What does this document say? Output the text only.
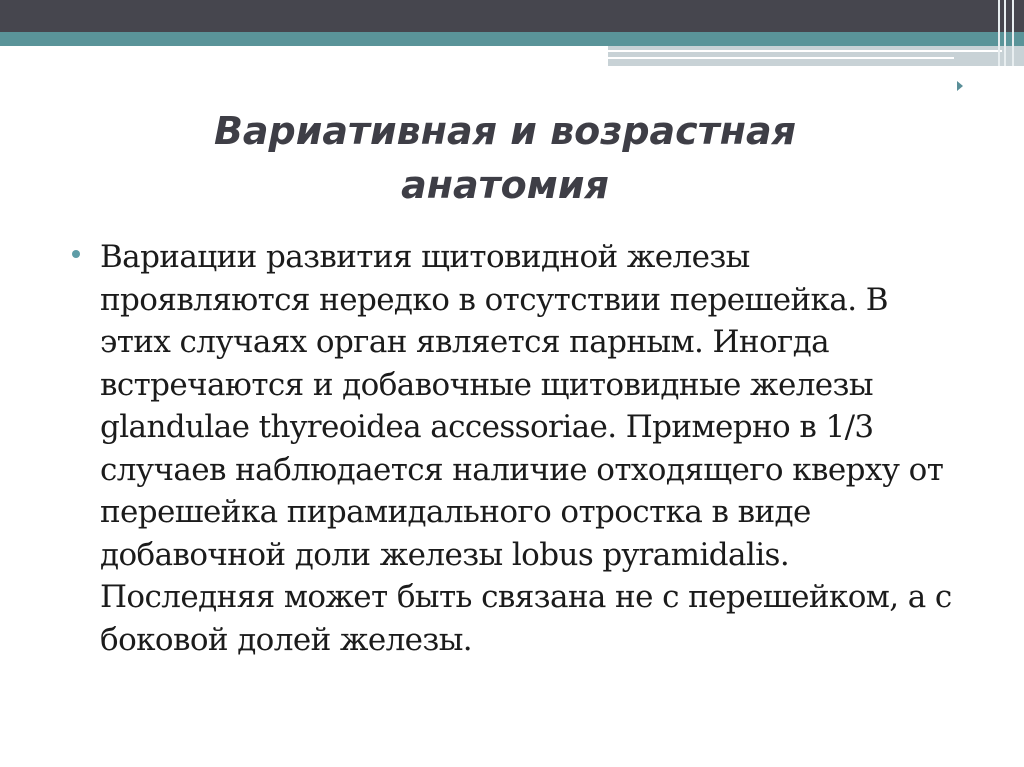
Вариативная и возрастная анатомия
Вариации развития щитовидной железы проявляются нередко в отсутствии перешейка. В этих случаях орган является парным. Иногда встречаются и добавочные щитовидные железы glandulae thyreoidea accessoriae. Примерно в 1/3 случаев наблюдается наличие отходящего кверху от перешейка пирамидального отростка в виде добавочной доли железы lobus pyramidalis. Последняя может быть связана не с перешейком, а с боковой долей железы.
